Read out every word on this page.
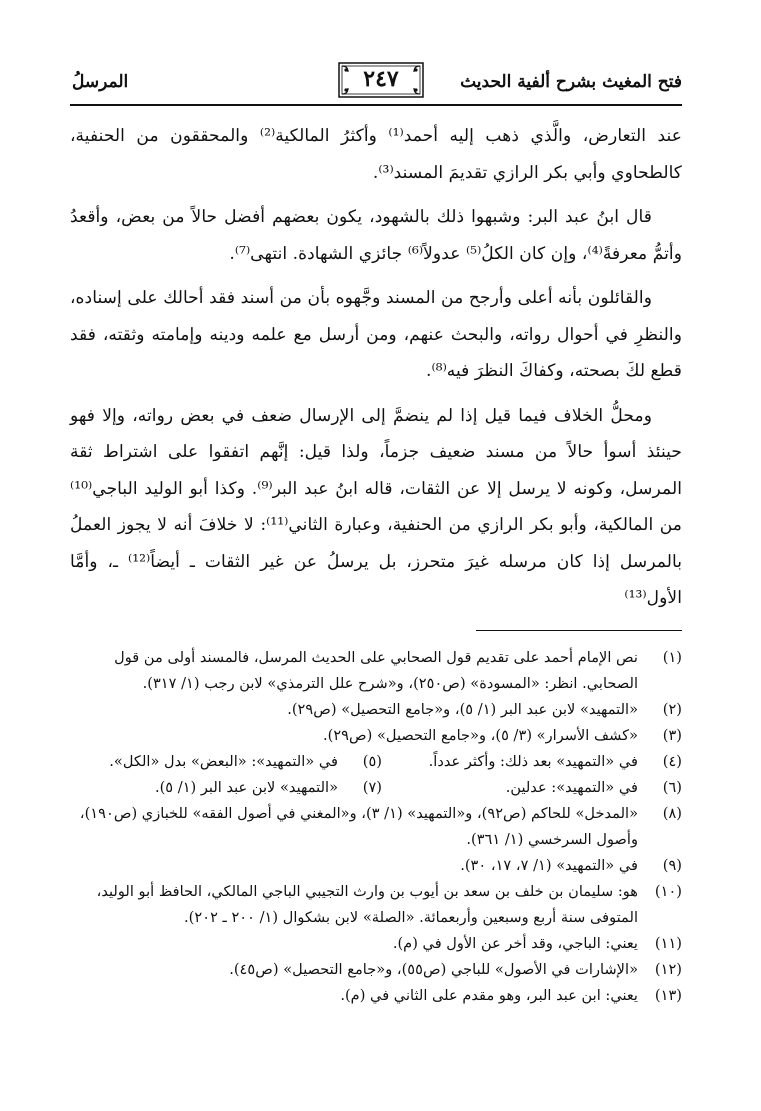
فتح المغيث بشرح ألفية الحديث
٢٤٧
المرسلُ

عند التعارض، والَّذي ذهب إليه أحمد⁽¹⁾ وأكثرُ المالكية⁽²⁾ والمحققون من الحنفية، كالطحاوي وأبي بكر الرازي تقديمَ المسند⁽³⁾.

قال ابنُ عبد البر: وشبهوا ذلك بالشهود، يكون بعضهم أفضل حالاً من بعض، وأقعدُ وأتمُّ معرفةً⁽⁴⁾، وإن كان الكلُ⁽⁵⁾ عدولاً⁽⁶⁾ جائزي الشهادة. انتهى⁽⁷⁾.

والقائلون بأنه أعلى وأرجح من المسند وجَّهوه بأن من أسند فقد أحالك على إسناده، والنظرِ في أحوال رواته، والبحث عنهم، ومن أرسل مع علمه ودينه وإمامته وثقته، فقد قطع لكَ بصحته، وكفاكَ النظرَ فيه⁽⁸⁾.

ومحلُّ الخلاف فيما قيل إذا لم ينضمَّ إلى الإرسال ضعف في بعض رواته، وإلا فهو حينئذ أسوأ حالاً من مسند ضعيف جزماً، ولذا قيل: إنَّهم اتفقوا على اشتراط ثقة المرسل، وكونه لا يرسل إلا عن الثقات، قاله ابنُ عبد البر⁽⁹⁾. وكذا أبو الوليد الباجي⁽¹⁰⁾ من المالكية، وأبو بكر الرازي من الحنفية، وعبارة الثاني⁽¹¹⁾: لا خلافَ أنه لا يجوز العملُ بالمرسل إذا كان مرسله غيرَ متحرز، بل يرسلُ عن غير الثقات ـ أيضاً⁽¹²⁾ ـ، وأمَّا الأول⁽¹³⁾

(١)
نص الإمام أحمد على تقديم قول الصحابي على الحديث المرسل، فالمسند أولى من قول الصحابي. انظر: «المسودة» (ص٢٥٠)، و«شرح علل الترمذي» لابن رجب (١/ ٣١٧).
(٢)
«التمهيد» لابن عبد البر (١/ ٥)، و«جامع التحصيل» (ص٢٩).
(٣)
«كشف الأسرار» (٣/ ٥)، و«جامع التحصيل» (ص٢٩).
(٤)
في «التمهيد» بعد ذلك: وأكثر عدداً.
(٥)
في «التمهيد»: «البعض» بدل «الكل».
(٦)
في «التمهيد»: عدلين.
(٧)
«التمهيد» لابن عبد البر (١/ ٥).
(٨)
«المدخل» للحاكم (ص٩٢)، و«التمهيد» (١/ ٣)، و«المغني في أصول الفقه» للخبازي (ص١٩٠)، وأصول السرخسي (١/ ٣٦١).
(٩)
في «التمهيد» (١/ ٧، ١٧، ٣٠).
(١٠)
هو: سليمان بن خلف بن سعد بن أيوب بن وارث التجيبي الباجي المالكي، الحافظ أبو الوليد، المتوفى سنة أربع وسبعين وأربعمائة. «الصلة» لابن بشكوال (١/ ٢٠٠ ـ ٢٠٢).
(١١)
يعني: الباجي، وقد أخر عن الأول في (م).
(١٢)
«الإشارات في الأصول» للباجي (ص٥٥)، و«جامع التحصيل» (ص٤٥).
(١٣)
يعني: ابن عبد البر، وهو مقدم على الثاني في (م).
